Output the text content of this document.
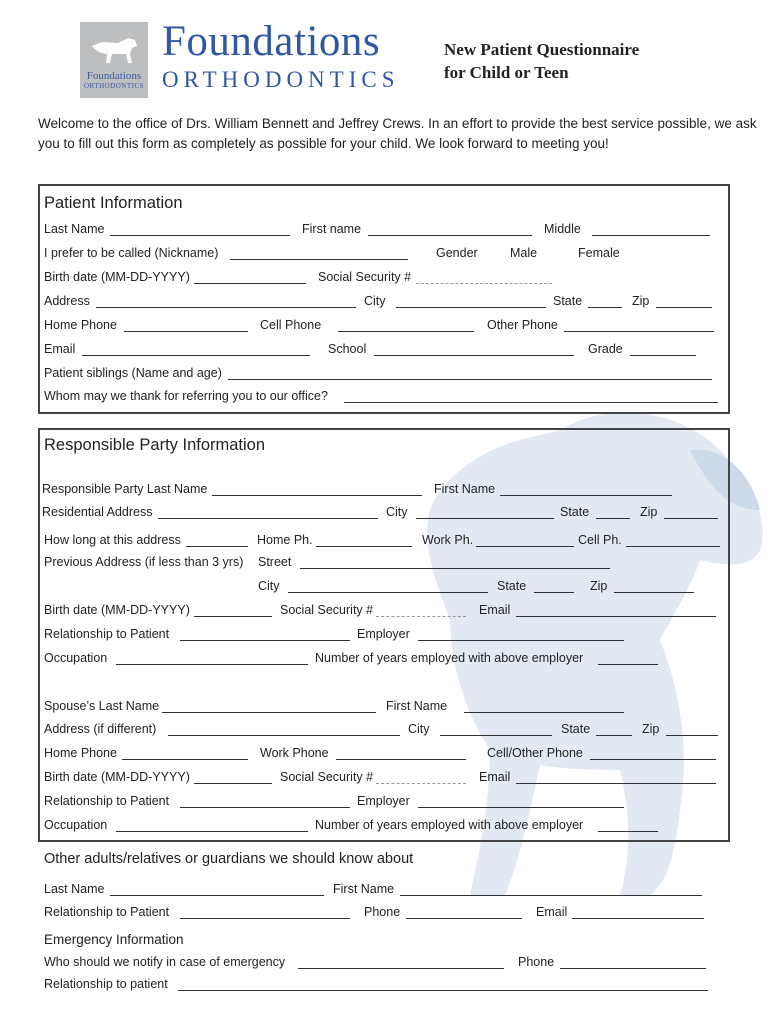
Foundations
ORTHODONTICS
Foundations
ORTHODONTICS
New Patient Questionnaire
for Child or Teen
Welcome to the office of Drs. William Bennett and Jeffrey Crews. In an effort to provide the best service possible, we ask you to fill out this form as completely as possible for your child. We look forward to meeting you!
Patient Information
Last Name	First name	Middle
I prefer to be called (Nickname)	Gender	Male	Female
Birth date (MM-DD-YYYY)	Social Security #
Address	City	State	Zip
Home Phone	Cell Phone	Other Phone
Email	School	Grade
Patient siblings (Name and age)
Whom may we thank for referring you to our office?
Responsible Party Information
Responsible Party Last Name	First Name
Residential Address	City	State	Zip
How long at this address	Home Ph.	Work Ph.	Cell Ph.
Previous Address (if less than 3 yrs) Street
City	State	Zip
Birth date (MM-DD-YYYY)	Social Security #	Email
Relationship to Patient	Employer
Occupation	Number of years employed with above employer
Spouse’s Last Name	First Name
Address (if different)	City	State	Zip
Home Phone	Work Phone	Cell/Other Phone
Birth date (MM-DD-YYYY)	Social Security #	Email
Relationship to Patient	Employer
Occupation	Number of years employed with above employer
Other adults/relatives or guardians we should know about
Last Name	First Name
Relationship to Patient	Phone	Email
Emergency Information
Who should we notify in case of emergency	Phone
Relationship to patient
